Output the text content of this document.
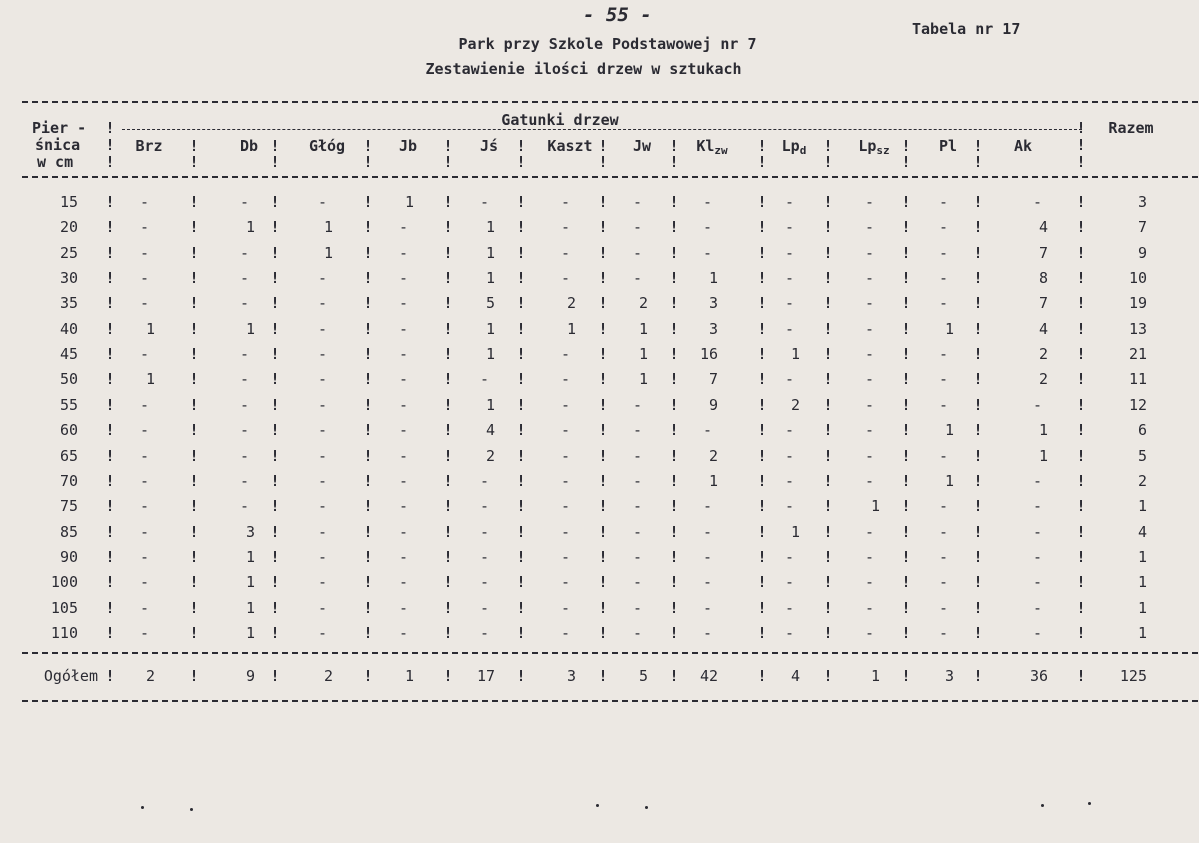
- 55 -
Tabela nr 17
Park przy Szkole Podstawowej nr 7
Zestawienie ilości drzew w sztukach
Pier -
śnica
w cm
Gatunki drzew	Razem
!	!
!	!
!	!
Brz	Db	Głóg	Jb	Jś	Kaszt	Jw	$Kl_{zw}$	$Lp_d$	$Lp_{sz}$	Pl	Ak
!
!
!
!
!
!
!
!
!
!
!
!
!
!
!
!
!
!
!
!
!
!
15	-	-	-	1	-	-	-	-	-	-	-	-	3
!	!	!	!	!	!	!	!	!	!	!	!	!
20	-	1	1	-	1	-	-	-	-	-	-	4	7
!	!	!	!	!	!	!	!	!	!	!	!	!
25	-	-	1	-	1	-	-	-	-	-	-	7	9
!	!	!	!	!	!	!	!	!	!	!	!	!
30	-	-	-	-	1	-	-	1	-	-	-	8	10
!	!	!	!	!	!	!	!	!	!	!	!	!
35	-	-	-	-	5	2	2	3	-	-	-	7	19
!	!	!	!	!	!	!	!	!	!	!	!	!
40	1	1	-	-	1	1	1	3	-	-	1	4	13
!	!	!	!	!	!	!	!	!	!	!	!	!
45	-	-	-	-	1	-	1	16	1	-	-	2	21
!	!	!	!	!	!	!	!	!	!	!	!	!
50	1	-	-	-	-	-	1	7	-	-	-	2	11
!	!	!	!	!	!	!	!	!	!	!	!	!
55	-	-	-	-	1	-	-	9	2	-	-	-	12
!	!	!	!	!	!	!	!	!	!	!	!	!
60	-	-	-	-	4	-	-	-	-	-	1	1	6
!	!	!	!	!	!	!	!	!	!	!	!	!
65	-	-	-	-	2	-	-	2	-	-	-	1	5
!	!	!	!	!	!	!	!	!	!	!	!	!
70	-	-	-	-	-	-	-	1	-	-	1	-	2
!	!	!	!	!	!	!	!	!	!	!	!	!
75	-	-	-	-	-	-	-	-	-	1	-	-	1
!	!	!	!	!	!	!	!	!	!	!	!	!
85	-	3	-	-	-	-	-	-	1	-	-	-	4
!	!	!	!	!	!	!	!	!	!	!	!	!
90	-	1	-	-	-	-	-	-	-	-	-	-	1
!	!	!	!	!	!	!	!	!	!	!	!	!
100	-	1	-	-	-	-	-	-	-	-	-	-	1
!	!	!	!	!	!	!	!	!	!	!	!	!
105	-	1	-	-	-	-	-	-	-	-	-	-	1
!	!	!	!	!	!	!	!	!	!	!	!	!
110	-	1	-	-	-	-	-	-	-	-	-	-	1
!	!	!	!	!	!	!	!	!	!	!	!	!
Ogółem	2	9	2	1	17	3	5	42	4	1	3	36	125
!	!	!	!	!	!	!	!	!	!	!	!	!
